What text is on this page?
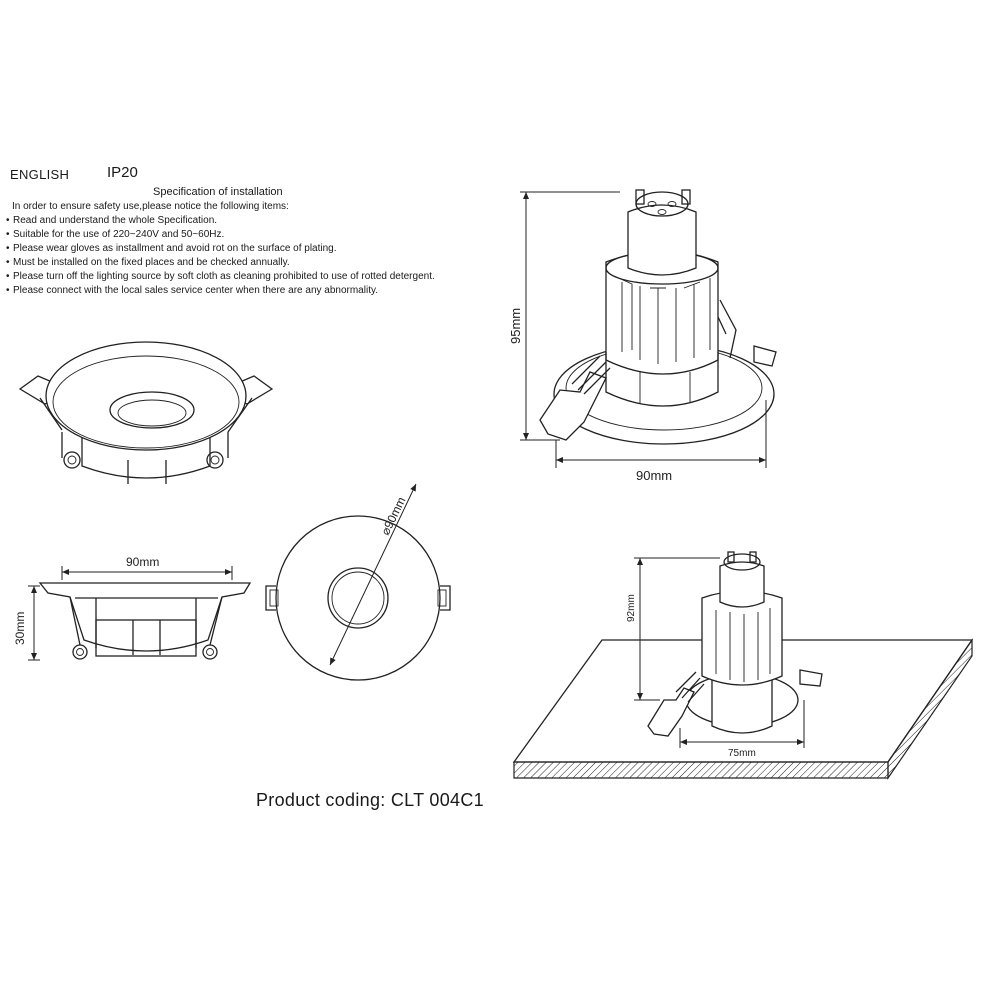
ENGLISH	IP20
Specification of installation
In order to ensure safety use,please notice the following items:
• Read and understand the whole Specification.
• Suitable for the use of 220~240V and 50~60Hz.
• Please wear gloves as installment and avoid rot on the surface of plating.
• Must be installed on the fixed places and be checked annually.
• Please turn off the lighting source by soft cloth as cleaning prohibited to use of rotted detergent.
• Please connect with the local sales service center when there are any abnormality.
Product coding: CLT 004C1
90mm
30mm
⌀90mm
95mm
90mm
92mm
75mm
